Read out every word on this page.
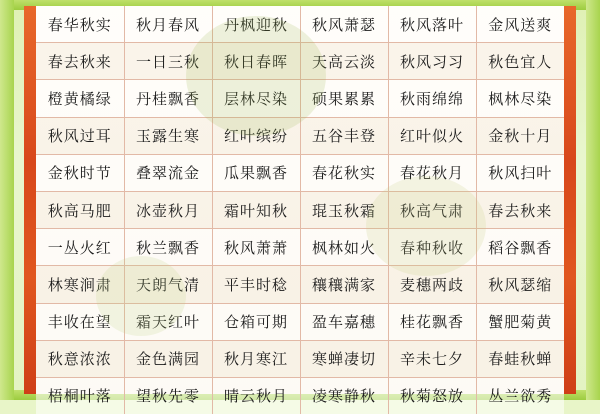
春华秋实	秋月春风	丹枫迎秋	秋风萧瑟	秋风落叶	金风送爽
春去秋来	一日三秋	秋日春晖	天高云淡	秋风习习	秋色宜人
橙黄橘绿	丹桂飘香	层林尽染	硕果累累	秋雨绵绵	枫林尽染
秋风过耳	玉露生寒	红叶缤纷	五谷丰登	红叶似火	金秋十月
金秋时节	叠翠流金	瓜果飘香	春花秋实	春花秋月	秋风扫叶
秋高马肥	冰壶秋月	霜叶知秋	琨玉秋霜	秋高气肃	春去秋来
一丛火红	秋兰飘香	秋风萧萧	枫林如火	春种秋收	稻谷飘香
林寒涧肃	天朗气清	平丰时稔	穰穰满家	麦穗两歧	秋风瑟缩
丰收在望	霜天红叶	仓箱可期	盈车嘉穗	桂花飘香	蟹肥菊黄
秋意浓浓	金色满园	秋月寒江	寒蝉凄切	辛未七夕	春蛙秋蝉
梧桐叶落	望秋先零	晴云秋月	凌寒静秋	秋菊怒放	丛兰欲秀
